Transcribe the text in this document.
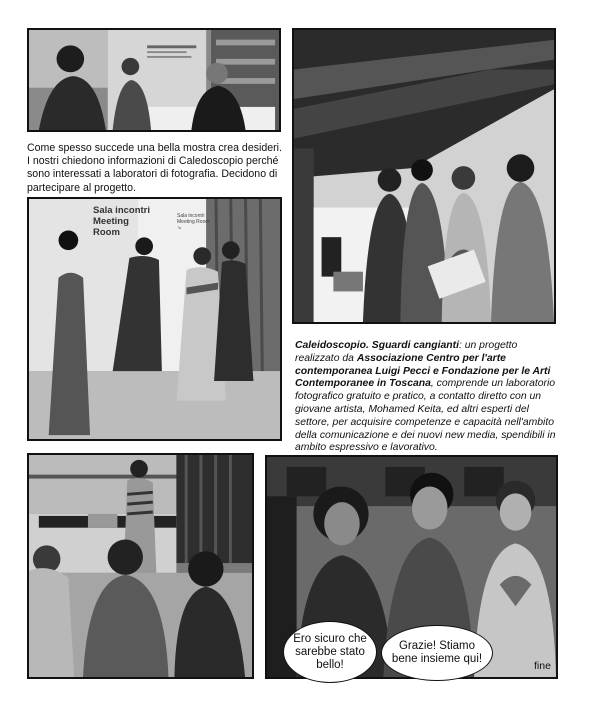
Come spesso succede una bella mostra crea desideri. I nostri chiedono informazioni di Caledoscopio perché sono interessati a laboratori di fotografia. Decidono di partecipare al progetto.
Sala incontri
Meeting Room
Sala incontri
Meeting Room
↘
Caleidoscopio. Sguardi cangianti: un progetto realizzato da Associazione Centro per l'arte contemporanea Luigi Pecci e Fondazione per le Arti Contemporanee in Toscana, comprende un laboratorio fotografico gratuito e pratico, a contatto diretto con un giovane artista, Mohamed Keita, ed altri esperti del settore, per acquisire competenze e capacità nell'ambito della comunicazione e dei nuovi new media, spendibili in ambito espressivo e lavorativo.
Ero sicuro che sarebbe stato bello!
Grazie! Stiamo bene insieme qui!
fine
